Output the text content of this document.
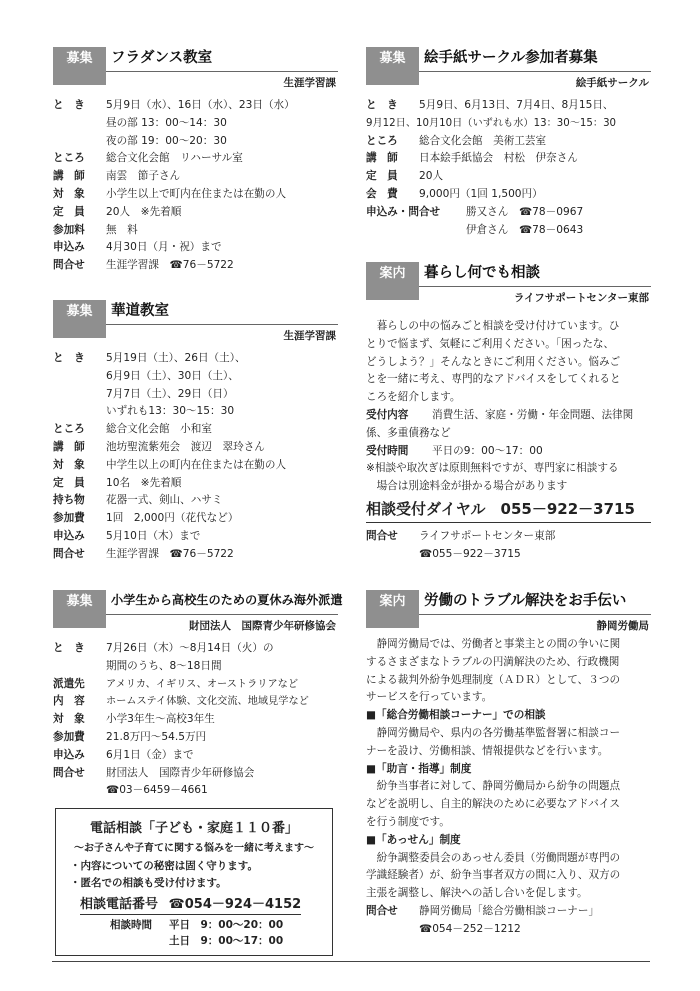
募集	フラダンス教室
生涯学習課
と　き	5月9日（水）、16日（水）、23日（水）
昼の部 13：00～14：30
夜の部 19：00～20：30
ところ	総合文化会館　リハーサル室
講　師	南雲　節子さん
対　象	小学生以上で町内在住または在勤の人
定　員	20人　※先着順
参加料	無　料
申込み	4月30日（月・祝）まで
問合せ	生涯学習課　☎76－5722
募集	華道教室
生涯学習課
と　き	5月19日（土）、26日（土）、
6月9日（土）、30日（土）、
7月7日（土）、29日（日）
いずれも13：30～15：30
ところ	総合文化会館　小和室
講　師	池坊聖流紫苑会　渡辺　翠玲さん
対　象	中学生以上の町内在住または在勤の人
定　員	10名　※先着順
持ち物	花器一式、剣山、ハサミ
参加費	1回　2,000円（花代など）
申込み	5月10日（木）まで
問合せ	生涯学習課　☎76－5722
募集	小学生から高校生のための夏休み海外派遣
財団法人　国際青少年研修協会
と　き	7月26日（木）～8月14日（火）の
期間のうち、8～18日間
派遣先	アメリカ、イギリス、オーストラリアなど
内　容	ホームステイ体験、文化交流、地域見学など
対　象	小学3年生～高校3年生
参加費	21.8万円～54.5万円
申込み	6月1日（金）まで
問合せ	財団法人　国際青少年研修協会
☎03－6459－4661
電話相談「子ども・家庭１１０番」
～お子さんや子育てに関する悩みを一緒に考えます～
・内容についての秘密は固く守ります。
・匿名での相談も受け付けます。
相談電話番号 ☎054－924－4152
相談時間 平日　9：00～20：00
土日　9：00～17：00
募集	絵手紙サークル参加者募集
絵手紙サークル
と　き	5月9日、6月13日、7月4日、8月15日、
9月12日、10月10日（いずれも水）13：30～15：30
ところ	総合文化会館　美術工芸室
講　師	日本絵手紙協会　村松　伊奈さん
定　員	20人
会　費	9,000円（1回 1,500円）
申込み・問合せ	勝又さん　☎78－0967
伊倉さん　☎78－0643
案内	暮らし何でも相談
ライフサポートセンター東部
　暮らしの中の悩みごと相談を受け付けています。ひ
とりで悩まず、気軽にご利用ください。「困ったな、
どうしよう？」そんなときにご利用ください。悩みご
とを一緒に考え、専門的なアドバイスをしてくれると
ころを紹介します。
受付内容	消費生活、家庭・労働・年金問題、法律関
係、多重債務など
受付時間	平日の9：00～17：00
※相談や取次ぎは原則無料ですが、専門家に相談する
　場合は別途料金が掛かる場合があります
相談受付ダイヤル　055－922－3715
問合せ	ライフサポートセンター東部
☎055－922－3715
案内	労働のトラブル解決をお手伝い
静岡労働局
　静岡労働局では、労働者と事業主との間の争いに関
するさまざまなトラブルの円満解決のため、行政機関
による裁判外紛争処理制度（ＡＤＲ）として、３つの
サービスを行っています。
■「総合労働相談コーナー」での相談
　静岡労働局や、県内の各労働基準監督署に相談コー
ナーを設け、労働相談、情報提供などを行います。
■「助言・指導」制度
　紛争当事者に対して、静岡労働局から紛争の問題点
などを説明し、自主的解決のために必要なアドバイス
を行う制度です。
■「あっせん」制度
　紛争調整委員会のあっせん委員（労働問題が専門の
学識経験者）が、紛争当事者双方の間に入り、双方の
主張を調整し、解決への話し合いを促します。
問合せ	静岡労働局「総合労働相談コーナー」
☎054－252－1212
